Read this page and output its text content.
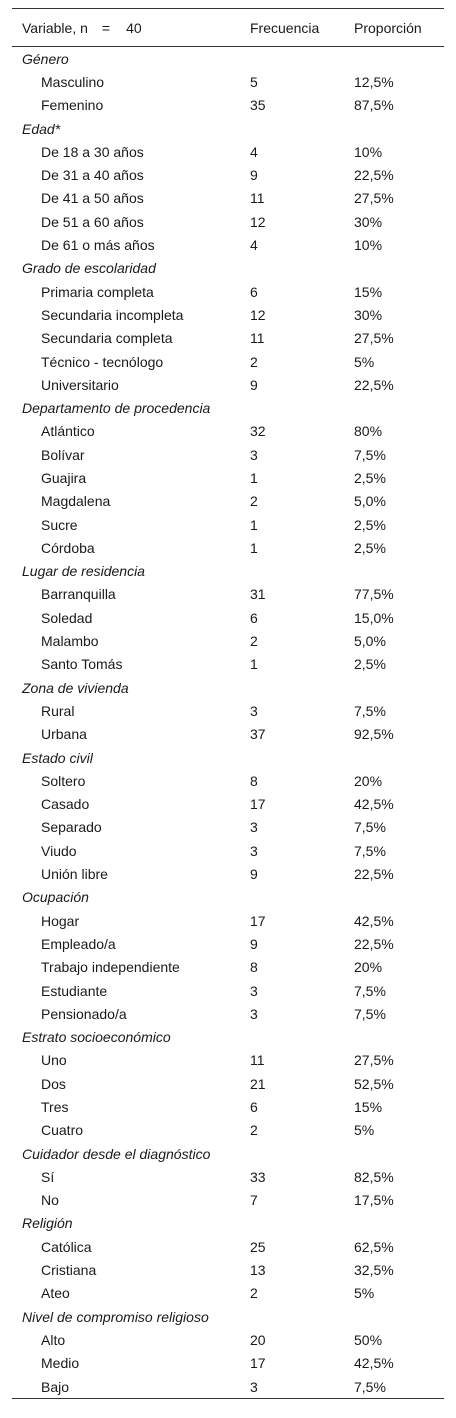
Variable, n = 40	Frecuencia	Proporción
Género		
Masculino	5	12,5%
Femenino	35	87,5%
Edad*		
De 18 a 30 años	4	10%
De 31 a 40 años	9	22,5%
De 41 a 50 años	11	27,5%
De 51 a 60 años	12	30%
De 61 o más años	4	10%
Grado de escolaridad		
Primaria completa	6	15%
Secundaria incompleta	12	30%
Secundaria completa	11	27,5%
Técnico - tecnólogo	2	5%
Universitario	9	22,5%
Departamento de procedencia		
Atlántico	32	80%
Bolívar	3	7,5%
Guajira	1	2,5%
Magdalena	2	5,0%
Sucre	1	2,5%
Córdoba	1	2,5%
Lugar de residencia		
Barranquilla	31	77,5%
Soledad	6	15,0%
Malambo	2	5,0%
Santo Tomás	1	2,5%
Zona de vivienda		
Rural	3	7,5%
Urbana	37	92,5%
Estado civil		
Soltero	8	20%
Casado	17	42,5%
Separado	3	7,5%
Viudo	3	7,5%
Unión libre	9	22,5%
Ocupación		
Hogar	17	42,5%
Empleado/a	9	22,5%
Trabajo independiente	8	20%
Estudiante	3	7,5%
Pensionado/a	3	7,5%
Estrato socioeconómico		
Uno	11	27,5%
Dos	21	52,5%
Tres	6	15%
Cuatro	2	5%
Cuidador desde el diagnóstico		
Sí	33	82,5%
No	7	17,5%
Religión		
Católica	25	62,5%
Cristiana	13	32,5%
Ateo	2	5%
Nivel de compromiso religioso		
Alto	20	50%
Medio	17	42,5%
Bajo	3	7,5%
